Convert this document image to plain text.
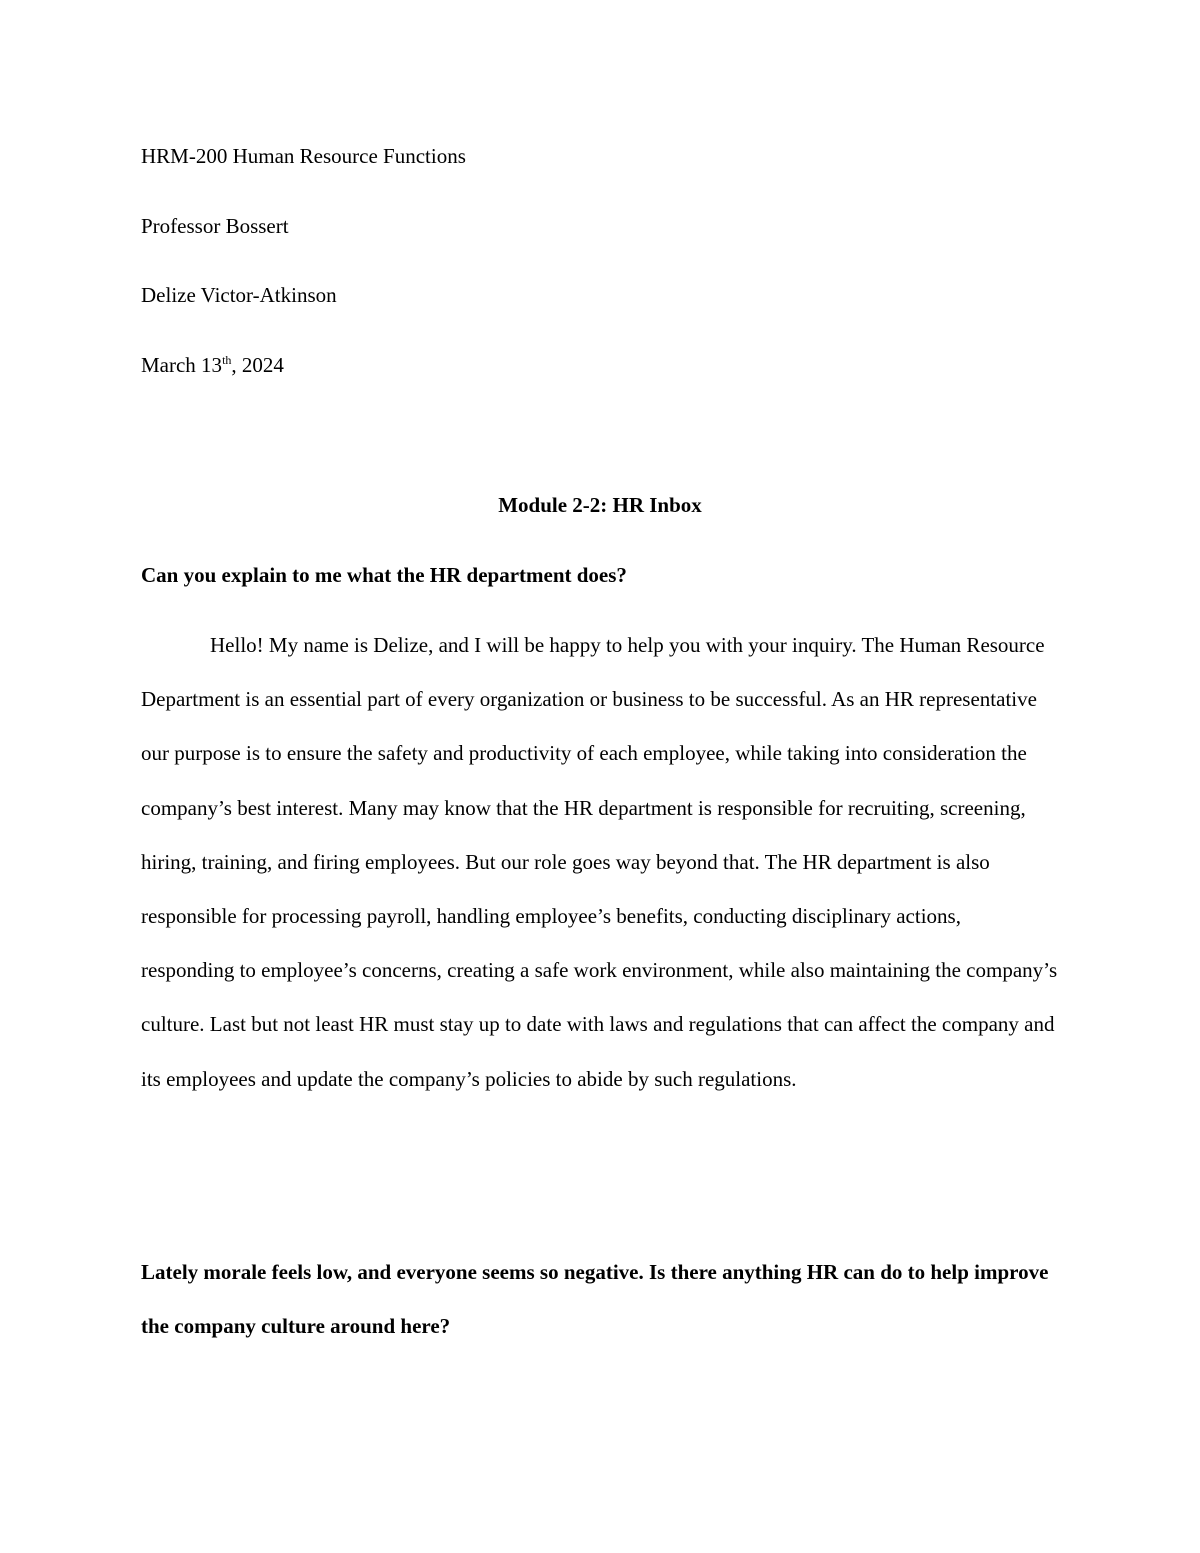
HRM-200 Human Resource Functions
Professor Bossert
Delize Victor-Atkinson
March 13th, 2024
Module 2-2: HR Inbox
Can you explain to me what the HR department does?

Hello! My name is Delize, and I will be happy to help you with your inquiry. The Human Resource Department is an essential part of every organization or business to be successful. As an HR representative our purpose is to ensure the safety and productivity of each employee, while taking into consideration the company’s best interest. Many may know that the HR department is responsible for recruiting, screening, hiring, training, and firing employees. But our role goes way beyond that. The HR department is also responsible for processing payroll, handling employee’s benefits, conducting disciplinary actions, responding to employee’s concerns, creating a safe work environment, while also maintaining the company’s culture. Last but not least HR must stay up to date with laws and regulations that can affect the company and its employees and update the company’s policies to abide by such regulations.

Lately morale feels low, and everyone seems so negative. Is there anything HR can do to help improve the company culture around here?
